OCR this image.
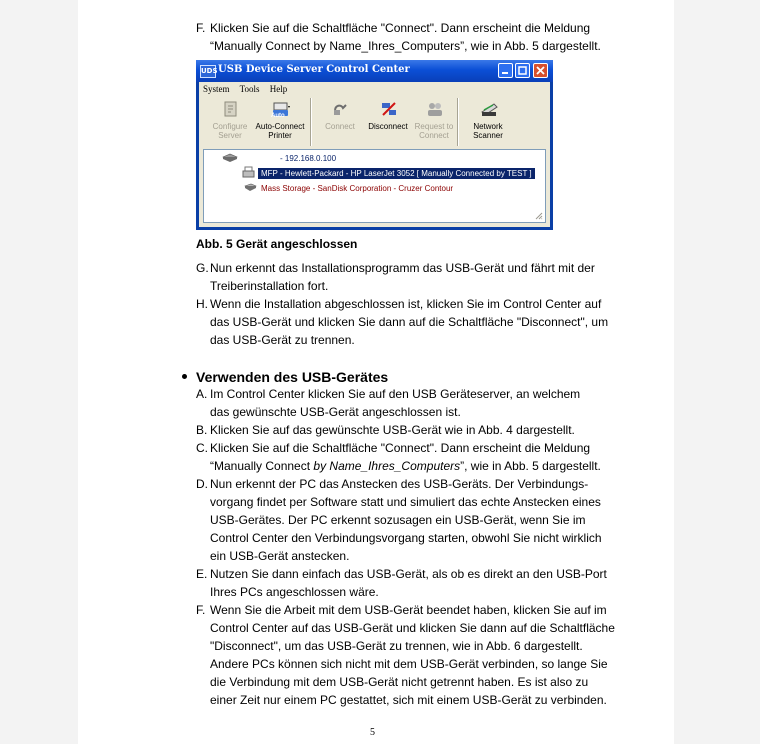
F. Klicken Sie auf die Schaltfläche "Connect". Dann erscheint die Meldung
“Manually Connect by Name_Ihres_Computers”, wie in Abb. 5 dargestellt.
UDS USB Device Server Control Center
System Tools Help
Configure
Server
Auto
Auto-Connect
Printer
Connect	Disconnect Request to
Connect
Network
Scanner
- 192.168.0.100
MFP - Hewlett-Packard - HP LaserJet 3052 [ Manually Connected by TEST ]
Mass Storage - SanDisk Corporation - Cruzer Contour
Abb. 5 Gerät angeschlossen
G. Nun erkennt das Installationsprogramm das USB-Gerät und fährt mit der
Treiberinstallation fort.
H. Wenn die Installation abgeschlossen ist, klicken Sie im Control Center auf
das USB-Gerät und klicken Sie dann auf die Schaltfläche "Disconnect", um
das USB-Gerät zu trennen.
Verwenden des USB-Gerätes
A. Im Control Center klicken Sie auf den USB Geräteserver, an welchem
das gewünschte USB-Gerät angeschlossen ist.
B. Klicken Sie auf das gewünschte USB-Gerät wie in Abb. 4 dargestellt.
C. Klicken Sie auf die Schaltfläche "Connect". Dann erscheint die Meldung
“Manually Connect by Name_Ihres_Computers”, wie in Abb. 5 dargestellt.
D. Nun erkennt der PC das Anstecken des USB-Geräts. Der Verbindungs-
vorgang findet per Software statt und simuliert das echte Anstecken eines
USB-Gerätes. Der PC erkennt sozusagen ein USB-Gerät, wenn Sie im
Control Center den Verbindungsvorgang starten, obwohl Sie nicht wirklich
ein USB-Gerät anstecken.
E. Nutzen Sie dann einfach das USB-Gerät, als ob es direkt an den USB-Port
Ihres PCs angeschlossen wäre.
F. Wenn Sie die Arbeit mit dem USB-Gerät beendet haben, klicken Sie auf im
Control Center auf das USB-Gerät und klicken Sie dann auf die Schaltfläche
"Disconnect", um das USB-Gerät zu trennen, wie in Abb. 6 dargestellt.
Andere PCs können sich nicht mit dem USB-Gerät verbinden, so lange Sie
die Verbindung mit dem USB-Gerät nicht getrennt haben. Es ist also zu
einer Zeit nur einem PC gestattet, sich mit einem USB-Gerät zu verbinden.
5
